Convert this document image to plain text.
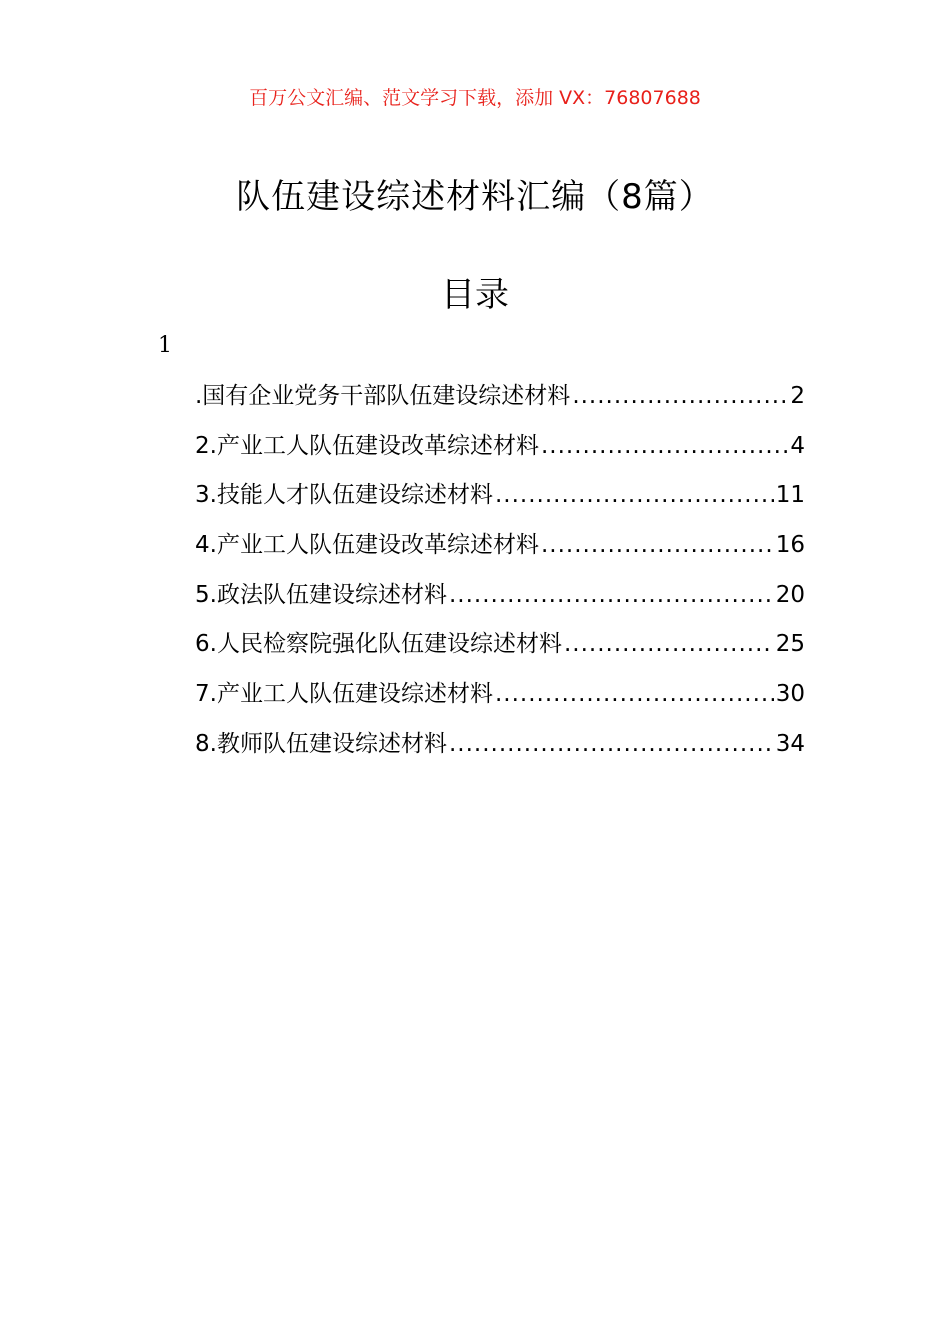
百万公文汇编、范文学习下载，添加 VX：76807688
队伍建设综述材料汇编（8篇）
目录
1
.国有企业党务干部队伍建设综述材料 .....	2
2.产业工人队伍建设改革综述材料 .....	4
3.技能人才队伍建设综述材料 .....	11
4.产业工人队伍建设改革综述材料 .....	16
5.政法队伍建设综述材料 .....	20
6.人民检察院强化队伍建设综述材料 .....	25
7.产业工人队伍建设综述材料 .....	30
8.教师队伍建设综述材料 .....	34
